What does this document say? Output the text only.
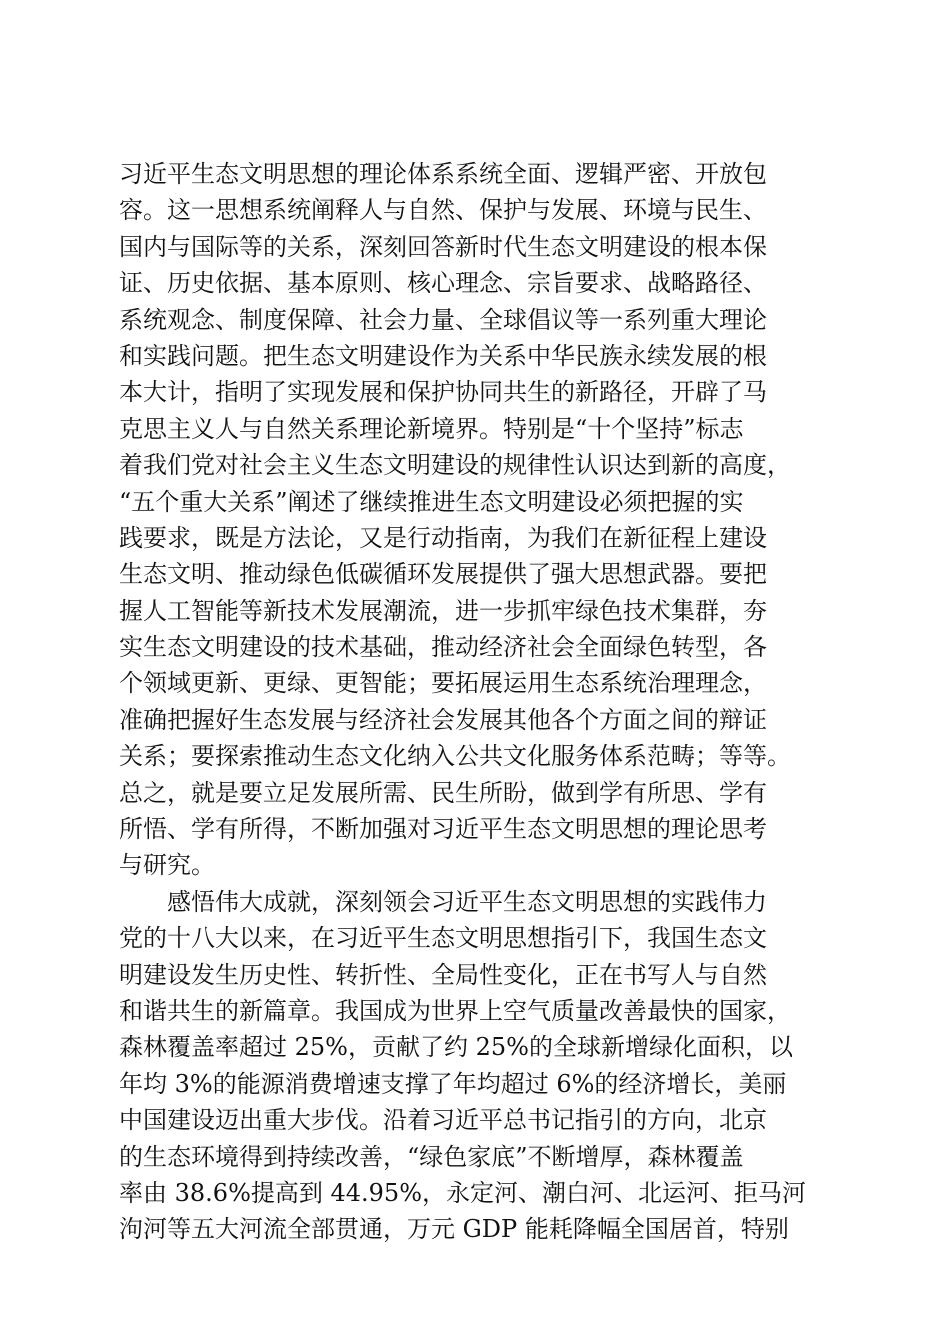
习近平生态文明思想的理论体系系统全面、逻辑严密、开放包
容。这一思想系统阐释人与自然、保护与发展、环境与民生、
国内与国际等的关系，深刻回答新时代生态文明建设的根本保
证、历史依据、基本原则、核心理念、宗旨要求、战略路径、
系统观念、制度保障、社会力量、全球倡议等一系列重大理论
和实践问题。把生态文明建设作为关系中华民族永续发展的根
本大计，指明了实现发展和保护协同共生的新路径，开辟了马
克思主义人与自然关系理论新境界。特别是“十个坚持”标志
着我们党对社会主义生态文明建设的规律性认识达到新的高度，
“五个重大关系”阐述了继续推进生态文明建设必须把握的实
践要求，既是方法论，又是行动指南，为我们在新征程上建设
生态文明、推动绿色低碳循环发展提供了强大思想武器。要把
握人工智能等新技术发展潮流，进一步抓牢绿色技术集群，夯
实生态文明建设的技术基础，推动经济社会全面绿色转型，各
个领域更新、更绿、更智能；要拓展运用生态系统治理理念，
准确把握好生态发展与经济社会发展其他各个方面之间的辩证
关系；要探索推动生态文化纳入公共文化服务体系范畴；等等。
总之，就是要立足发展所需、民生所盼，做到学有所思、学有
所悟、学有所得，不断加强对习近平生态文明思想的理论思考
与研究。
感悟伟大成就，深刻领会习近平生态文明思想的实践伟力
党的十八大以来，在习近平生态文明思想指引下，我国生态文
明建设发生历史性、转折性、全局性变化，正在书写人与自然
和谐共生的新篇章。我国成为世界上空气质量改善最快的国家，
森林覆盖率超过 25%，贡献了约 25%的全球新增绿化面积，以
年均 3%的能源消费增速支撑了年均超过 6%的经济增长，美丽
中国建设迈出重大步伐。沿着习近平总书记指引的方向，北京
的生态环境得到持续改善，“绿色家底”不断增厚，森林覆盖
率由 38.6%提高到 44.95%，永定河、潮白河、北运河、拒马河
泃河等五大河流全部贯通，万元 GDP 能耗降幅全国居首，特别
